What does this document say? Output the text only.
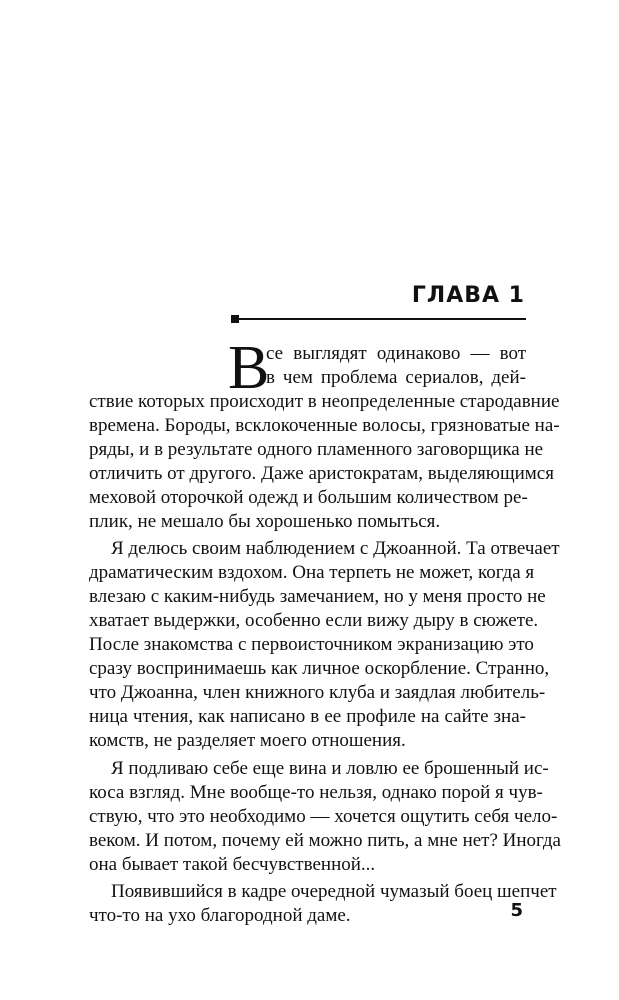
ГЛАВА 1
В
се выглядят одинаково — вот
в чем проблема сериалов, дей-
ствие которых происходит в неопределенные стародавние
времена. Бороды, всклокоченные волосы, грязноватые на-
ряды, и в результате одного пламенного заговорщика не
отличить от другого. Даже аристократам, выделяющимся
меховой оторочкой одежд и большим количеством ре-
плик, не мешало бы хорошенько помыться.
Я делюсь своим наблюдением с Джоанной. Та отвечает
драматическим вздохом. Она терпеть не может, когда я
влезаю с каким-нибудь замечанием, но у меня просто не
хватает выдержки, особенно если вижу дыру в сюжете.
После знакомства с первоисточником экранизацию это
сразу воспринимаешь как личное оскорбление. Странно,
что Джоанна, член книжного клуба и заядлая любитель-
ница чтения, как написано в ее профиле на сайте зна-
комств, не разделяет моего отношения.
Я подливаю себе еще вина и ловлю ее брошенный ис-
коса взгляд. Мне вообще-то нельзя, однако порой я чув-
ствую, что это необходимо — хочется ощутить себя чело-
веком. И потом, почему ей можно пить, а мне нет? Иногда
она бывает такой бесчувственной...
Появившийся в кадре очередной чумазый боец шепчет
что-то на ухо благородной даме.	5
